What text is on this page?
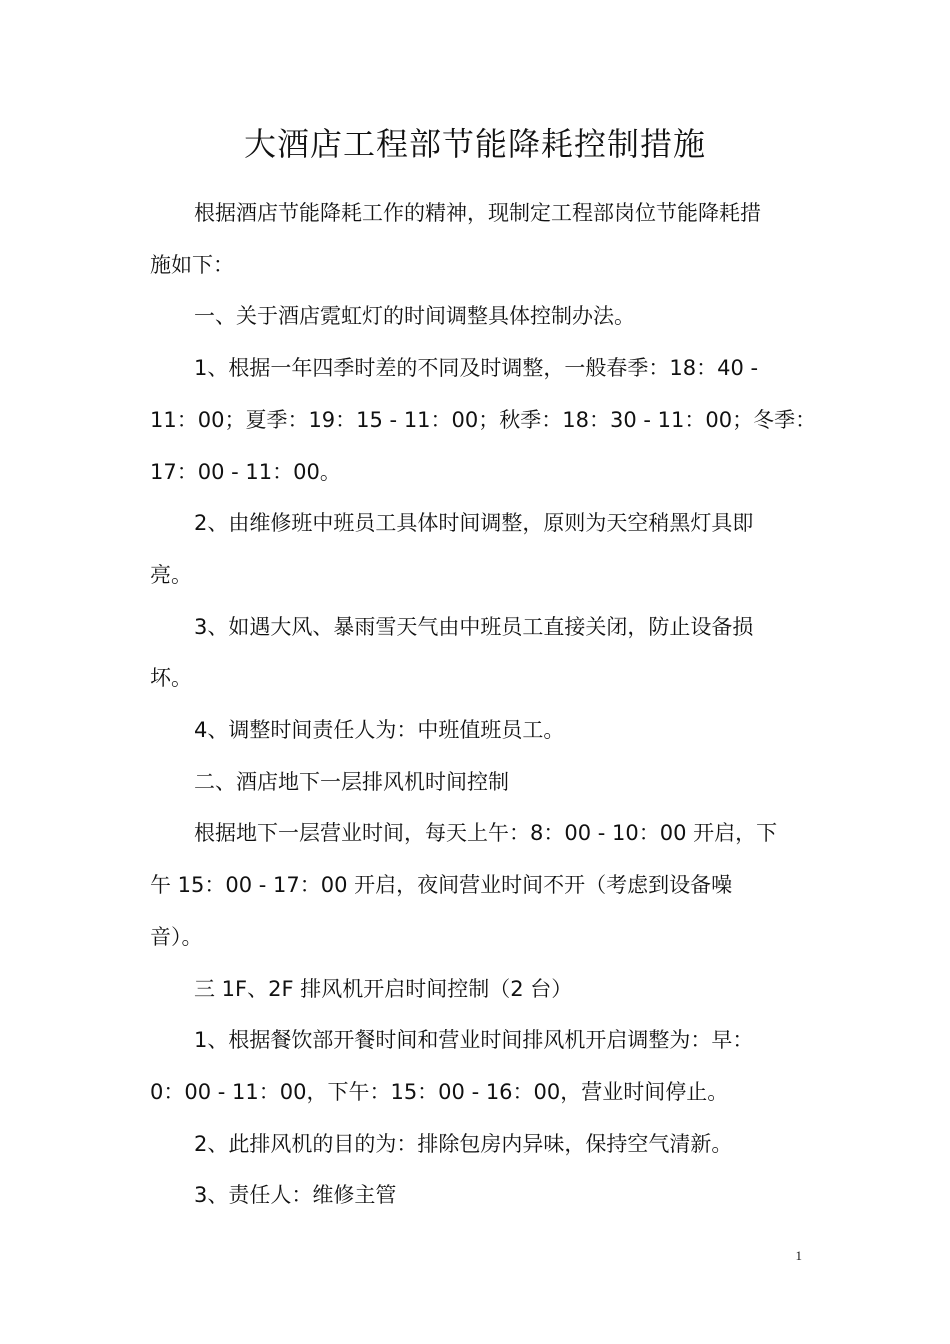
大酒店工程部节能降耗控制措施

根据酒店节能降耗工作的精神，现制定工程部岗位节能降耗措
施如下：

一、关于酒店霓虹灯的时间调整具体控制办法。

1、根据一年四季时差的不同及时调整，一般春季：18：40 -
11：00；夏季：19：15 - 11：00；秋季：18：30 - 11：00；冬季：
17：00 - 11：00。

2、由维修班中班员工具体时间调整，原则为天空稍黑灯具即
亮。

3、如遇大风、暴雨雪天气由中班员工直接关闭，防止设备损
坏。

4、调整时间责任人为：中班值班员工。

二、酒店地下一层排风机时间控制

根据地下一层营业时间，每天上午：8：00 - 10：00 开启，下
午 15：00 - 17：00 开启，夜间营业时间不开（考虑到设备噪
音）。

三 1F、2F 排风机开启时间控制（2 台）

1、根据餐饮部开餐时间和营业时间排风机开启调整为：早：
0：00 - 11：00，下午：15：00 - 16：00，营业时间停止。

2、此排风机的目的为：排除包房内异味，保持空气清新。

3、责任人：维修主管

1
